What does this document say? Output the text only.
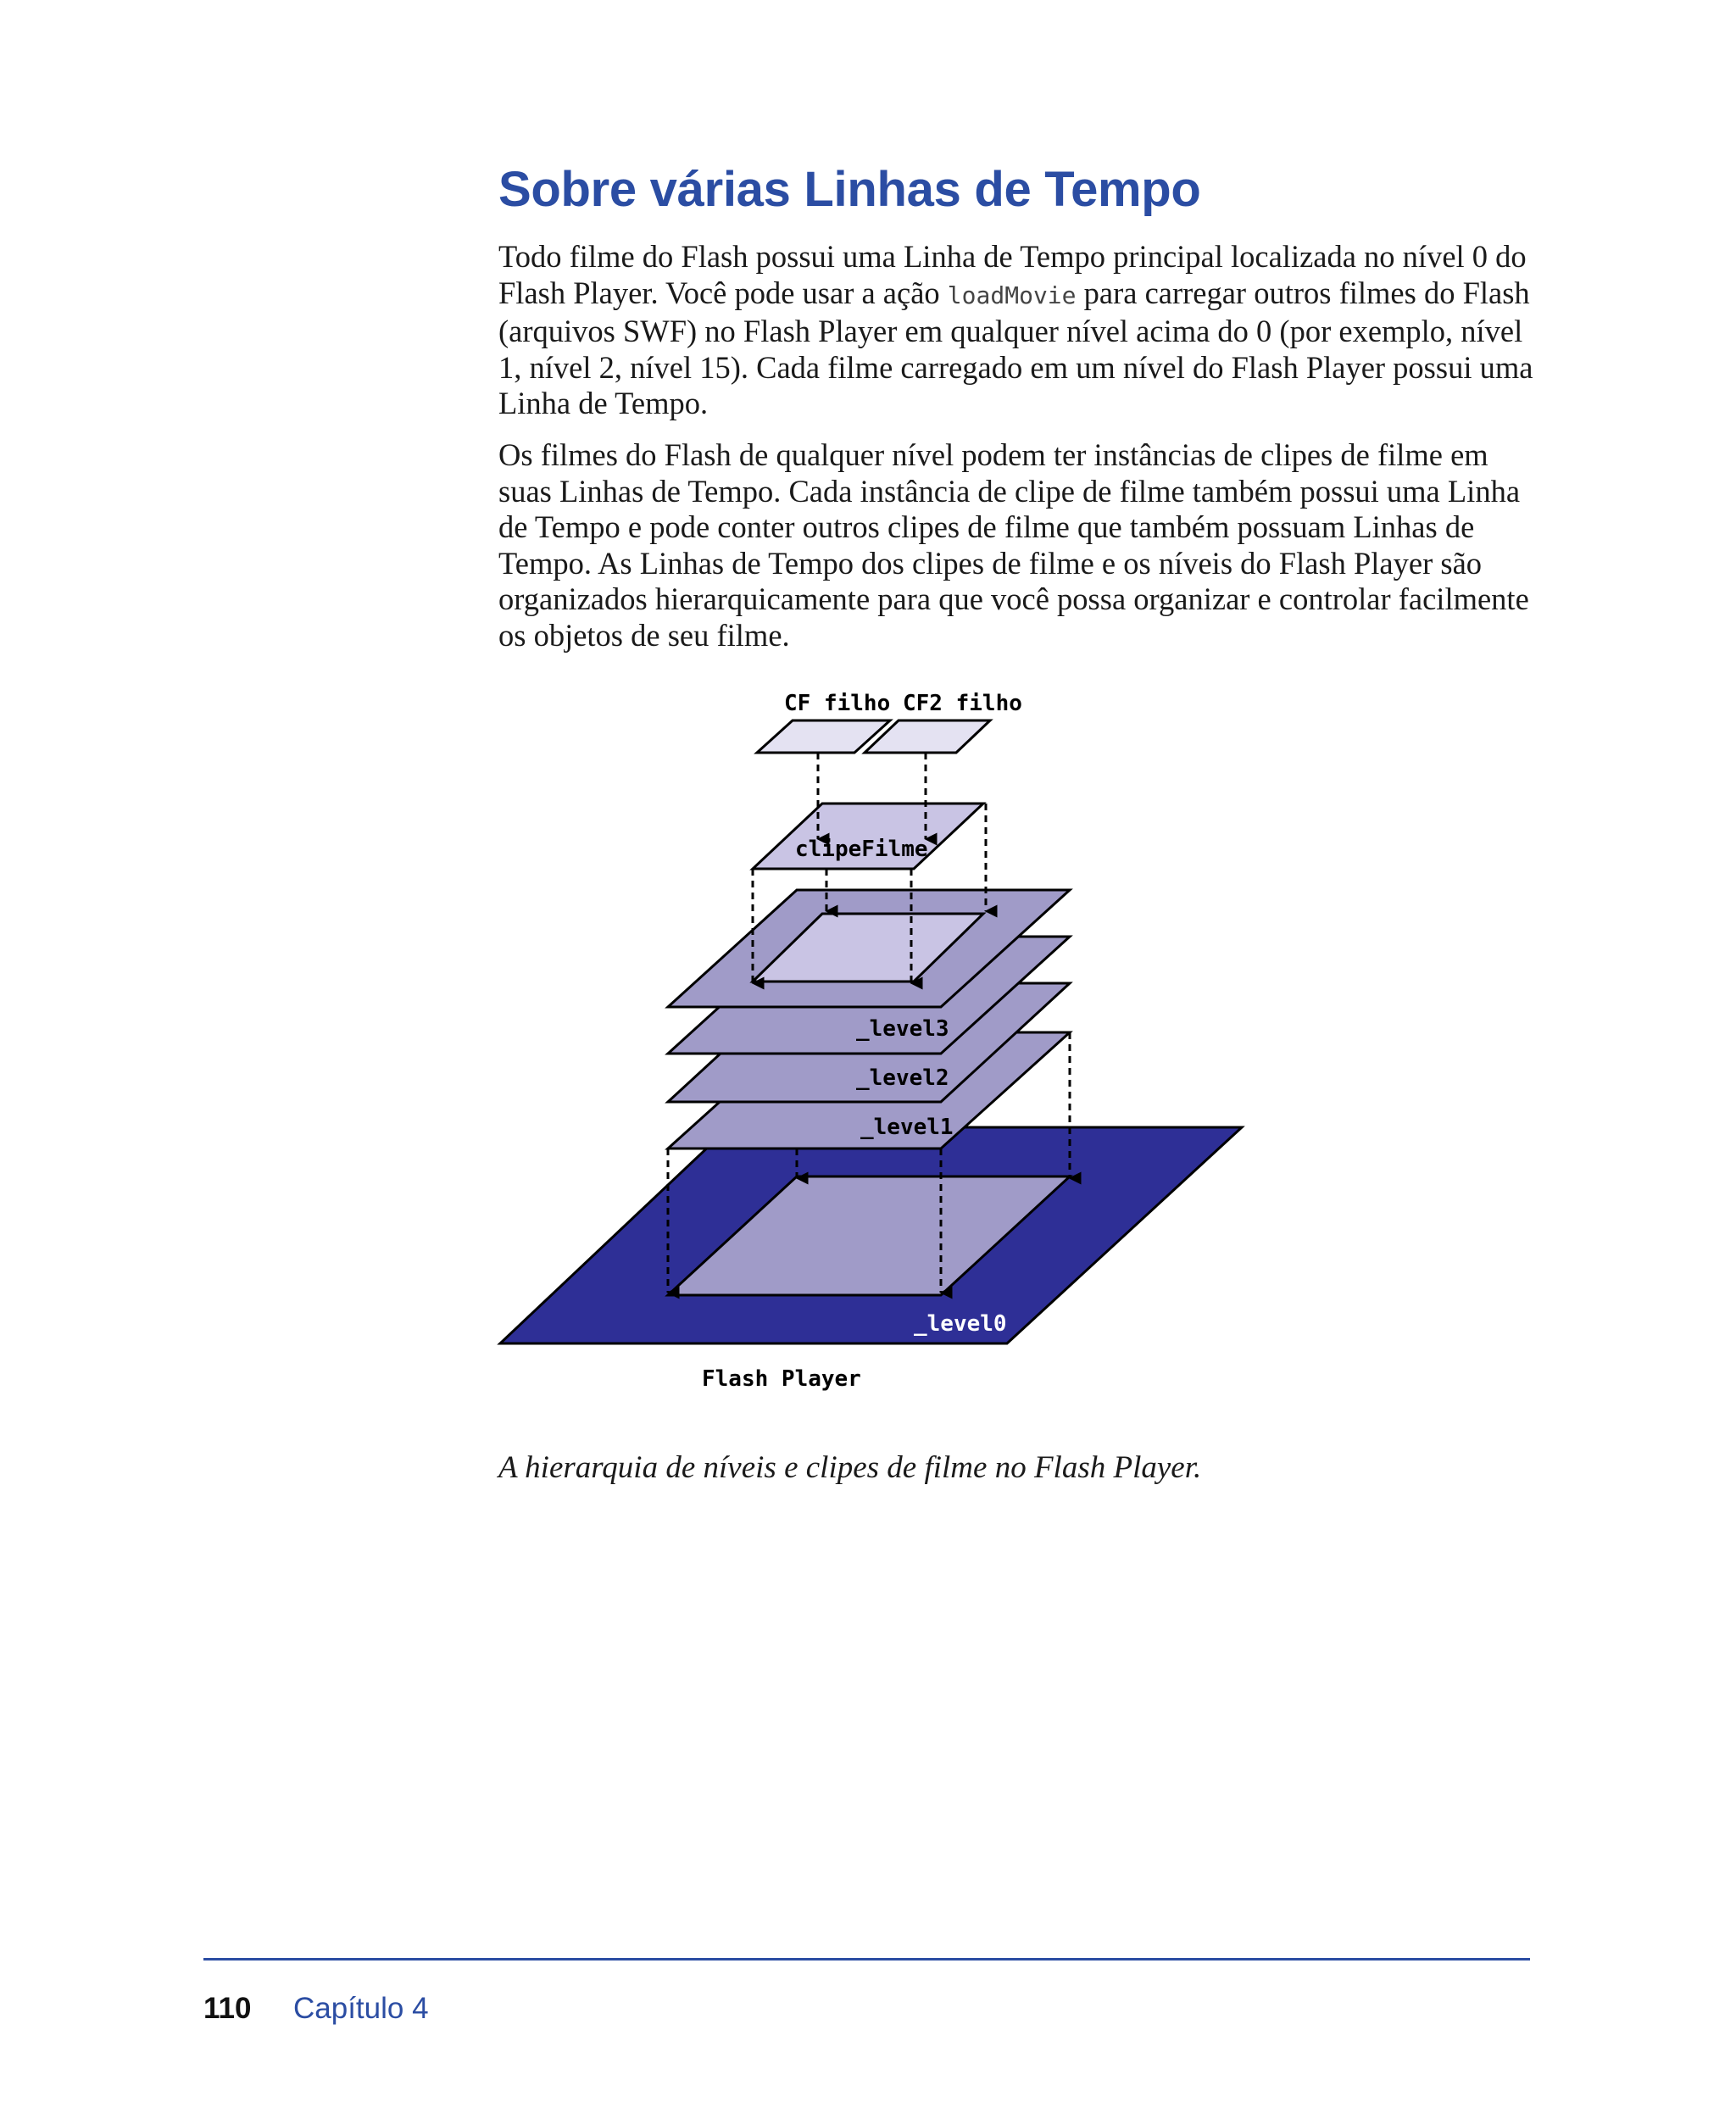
Sobre várias Linhas de Tempo

Todo filme do Flash possui uma Linha de Tempo principal localizada no nível 0 do Flash Player. Você pode usar a ação loadMovie para carregar outros filmes do Flash (arquivos SWF) no Flash Player em qualquer nível acima do 0 (por exemplo, nível 1, nível 2, nível 15). Cada filme carregado em um nível do Flash Player possui uma Linha de Tempo.

Os filmes do Flash de qualquer nível podem ter instâncias de clipes de filme em suas Linhas de Tempo. Cada instância de clipe de filme também possui uma Linha de Tempo e pode conter outros clipes de filme que também possuam Linhas de Tempo. As Linhas de Tempo dos clipes de filme e os níveis do Flash Player são organizados hierarquicamente para que você possa organizar e controlar facilmente os objetos de seu filme.

CF filho CF2 filho
clipeFilme
_level3
_level2
_level1
_level0
Flash Player

A hierarquia de níveis e clipes de filme no Flash Player.

110 Capítulo 4
